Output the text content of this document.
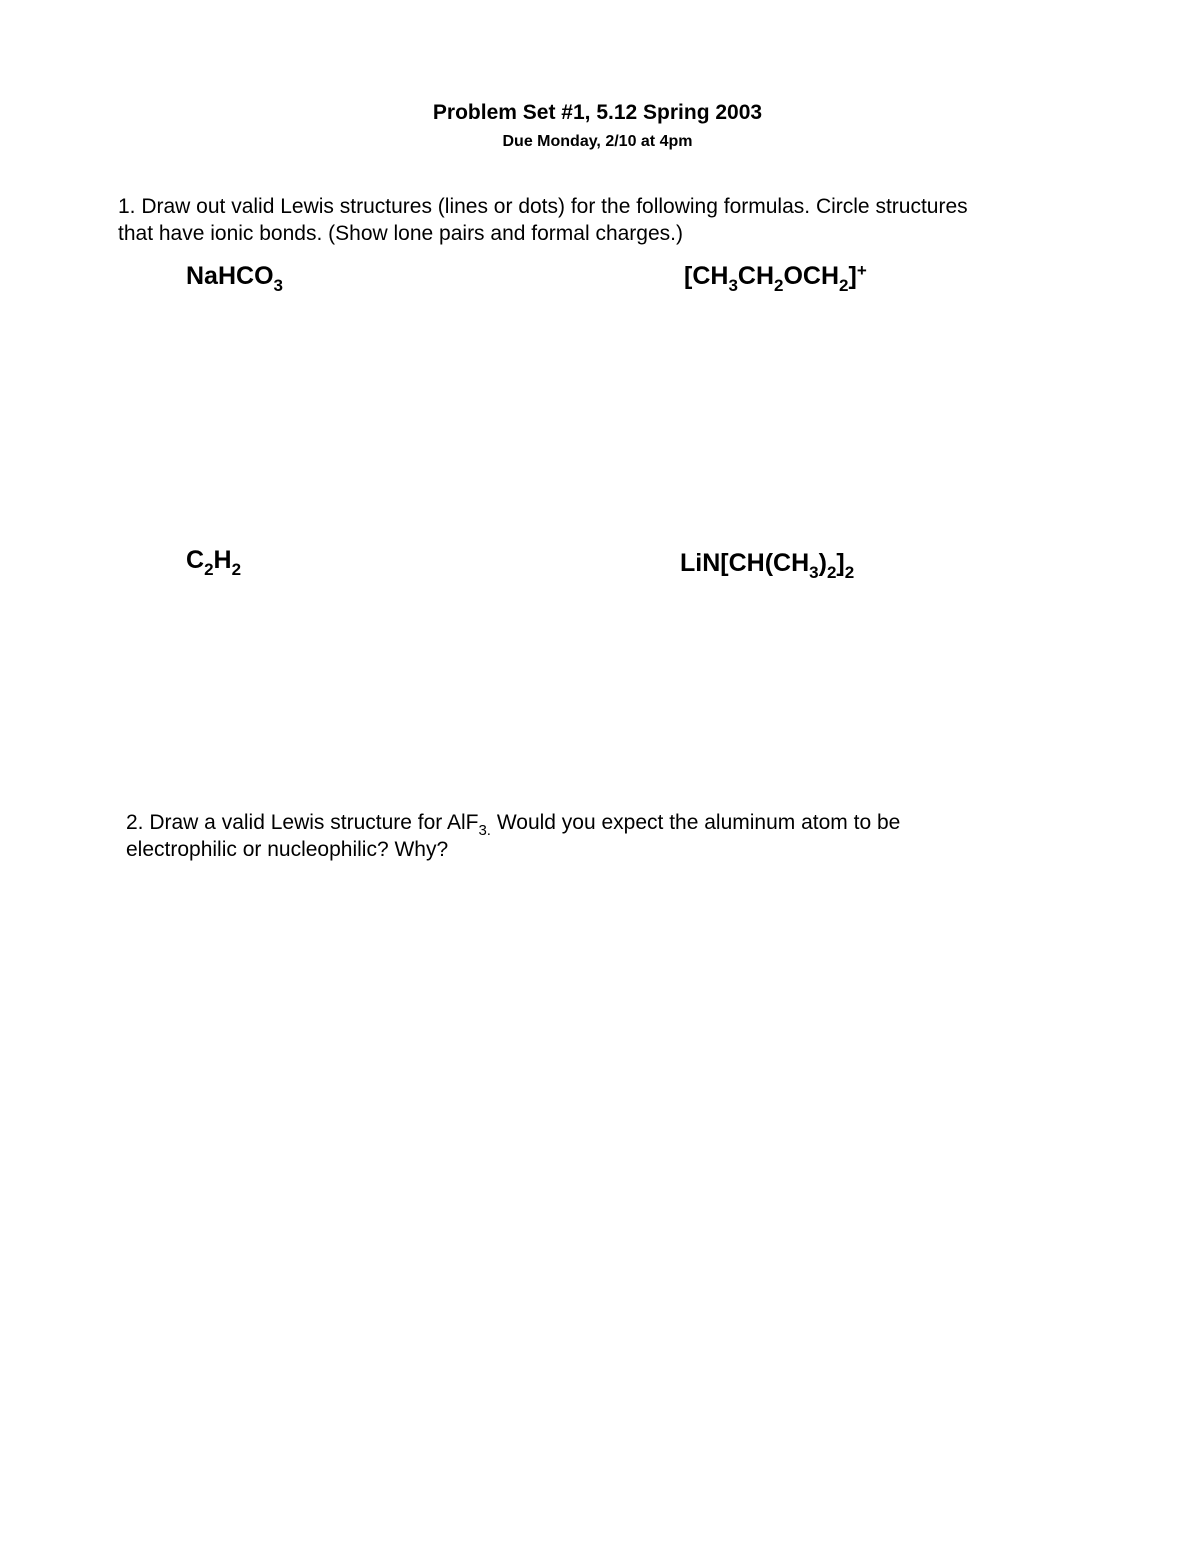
Problem Set #1, 5.12 Spring 2003
Due Monday, 2/10 at 4pm
1. Draw out valid Lewis structures (lines or dots) for the following formulas. Circle structures
that have ionic bonds. (Show lone pairs and formal charges.)
NaHCO$_3$	$[CH_3CH_2OCH_2]^+$
$C_2H_2$	$LiN[CH(CH_3)_2]_2$
2. Draw a valid Lewis structure for AlF$_{3.}$ Would you expect the aluminum atom to be
electrophilic or nucleophilic? Why?
